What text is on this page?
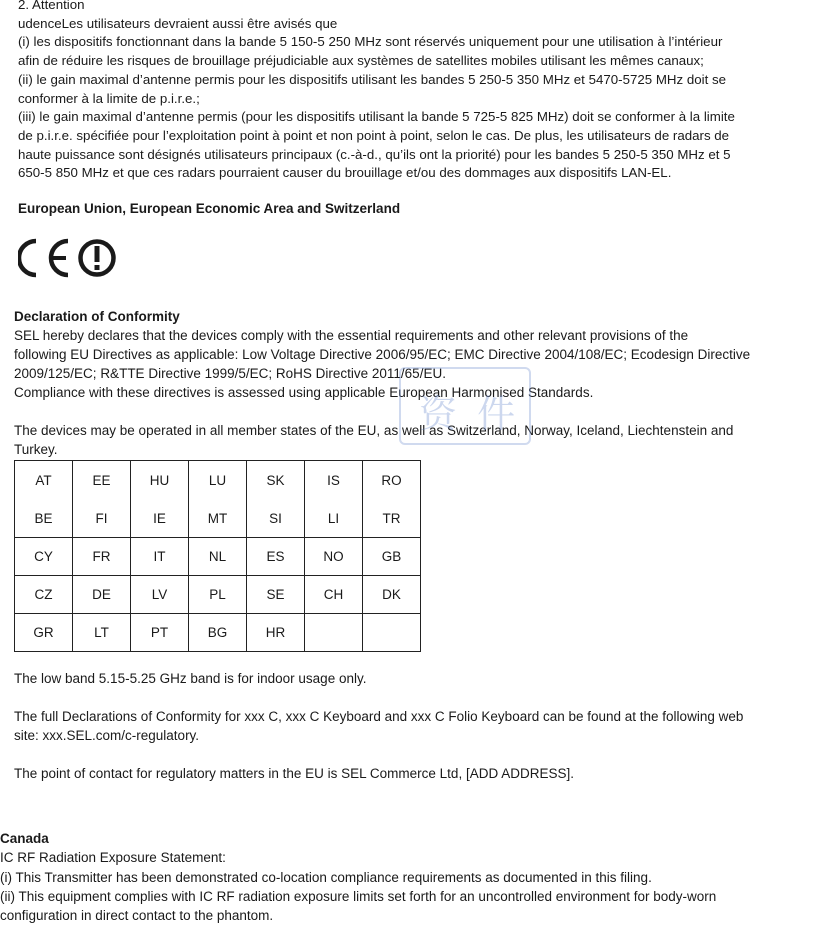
2. Attention
udenceLes utilisateurs devraient aussi être avisés que
(i) les dispositifs fonctionnant dans la bande 5 150-5 250 MHz sont réservés uniquement pour une utilisation à l’intérieur
afin de réduire les risques de brouillage préjudiciable aux systèmes de satellites mobiles utilisant les mêmes canaux;
(ii) le gain maximal d’antenne permis pour les dispositifs utilisant les bandes 5 250-5 350 MHz et 5470-5725 MHz doit se
conformer à la limite de p.i.r.e.;
(iii) le gain maximal d’antenne permis (pour les dispositifs utilisant la bande 5 725-5 825 MHz) doit se conformer à la limite
de p.i.r.e. spécifiée pour l’exploitation point à point et non point à point, selon le cas. De plus, les utilisateurs de radars de
haute puissance sont désignés utilisateurs principaux (c.-à-d., qu’ils ont la priorité) pour les bandes 5 250-5 350 MHz et 5
650-5 850 MHz et que ces radars pourraient causer du brouillage et/ou des dommages aux dispositifs LAN-EL.
European Union, European Economic Area and Switzerland
Declaration of Conformity
SEL hereby declares that the devices comply with the essential requirements and other relevant provisions of the
following EU Directives as applicable: Low Voltage Directive 2006/95/EC; EMC Directive 2004/108/EC; Ecodesign Directive
2009/125/EC; R&TTE Directive 1999/5/EC; RoHS Directive 2011/65/EU.
Compliance with these directives is assessed using applicable European Harmonised Standards.
The devices may be operated in all member states of the EU, as well as Switzerland, Norway, Iceland, Liechtenstein and
Turkey.
AT	EE	HU	LU	SK	IS	RO
BE	FI	IE	MT	SI	LI	TR
CY	FR	IT	NL	ES	NO	GB
CZ	DE	LV	PL	SE	CH	DK
GR	LT	PT	BG	HR		
The low band 5.15-5.25 GHz band is for indoor usage only.
The full Declarations of Conformity for xxx C, xxx C Keyboard and xxx C Folio Keyboard can be found at the following web
site: xxx.SEL.com/c-regulatory.
The point of contact for regulatory matters in the EU is SEL Commerce Ltd, [ADD ADDRESS].
Canada
IC RF Radiation Exposure Statement:
(i) This Transmitter has been demonstrated co-location compliance requirements as documented in this filing.
(ii) This equipment complies with IC RF radiation exposure limits set forth for an uncontrolled environment for body-worn
configuration in direct contact to the phantom.
资 件
